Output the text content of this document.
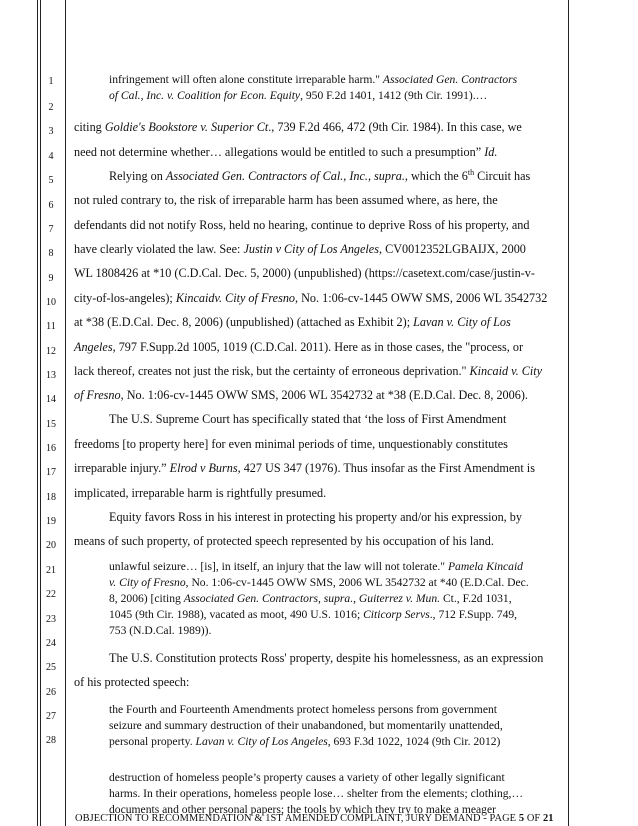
1
2
3
4
5
6
7
8
9
10
11
12
13
14
15
16
17
18
19
20
21
22
23
24
25
26
27
28
infringement will often alone constitute irreparable harm." Associated Gen. Contractors
of Cal., Inc. v. Coalition for Econ. Equity, 950 F.2d 1401, 1412 (9th Cir. 1991).…
citing Goldie's Bookstore v. Superior Ct., 739 F.2d 466, 472 (9th Cir. 1984). In this case, we
need not determine whether… allegations would be entitled to such a presumption” Id.
Relying on Associated Gen. Contractors of Cal., Inc., supra., which the 6th Circuit has
not ruled contrary to, the risk of irreparable harm has been assumed where, as here, the
defendants did not notify Ross, held no hearing, continue to deprive Ross of his property, and
have clearly violated the law. See: Justin v City of Los Angeles, CV0012352LGBAIJX, 2000
WL 1808426 at *10 (C.D.Cal. Dec. 5, 2000) (unpublished) (https://casetext.com/case/justin-v-
city-of-los-angeles); Kincaidv. City of Fresno, No. 1:06-cv-1445 OWW SMS, 2006 WL 3542732
at *38 (E.D.Cal. Dec. 8, 2006) (unpublished) (attached as Exhibit 2); Lavan v. City of Los
Angeles, 797 F.Supp.2d 1005, 1019 (C.D.Cal. 2011). Here as in those cases, the "process, or
lack thereof, creates not just the risk, but the certainty of erroneous deprivation." Kincaid v. City
of Fresno, No. 1:06-cv-1445 OWW SMS, 2006 WL 3542732 at *38 (E.D.Cal. Dec. 8, 2006).
The U.S. Supreme Court has specifically stated that ‘the loss of First Amendment
freedoms [to property here] for even minimal periods of time, unquestionably constitutes
irreparable injury.” Elrod v Burns, 427 US 347 (1976). Thus insofar as the First Amendment is
implicated, irreparable harm is rightfully presumed.
Equity favors Ross in his interest in protecting his property and/or his expression, by
means of such property, of protected speech represented by his occupation of his land.
unlawful seizure… [is], in itself, an injury that the law will not tolerate." Pamela Kincaid
v. City of Fresno, No. 1:06-cv-1445 OWW SMS, 2006 WL 3542732 at *40 (E.D.Cal. Dec.
8, 2006) [citing Associated Gen. Contractors, supra., Guiterrez v. Mun. Ct., F.2d 1031,
1045 (9th Cir. 1988), vacated as moot, 490 U.S. 1016; Citicorp Servs., 712 F.Supp. 749,
753 (N.D.Cal. 1989)).
The U.S. Constitution protects Ross' property, despite his homelessness, as an expression
of his protected speech:
the Fourth and Fourteenth Amendments protect homeless persons from government
seizure and summary destruction of their unabandoned, but momentarily unattended,
personal property. Lavan v. City of Los Angeles, 693 F.3d 1022, 1024 (9th Cir. 2012)
destruction of homeless people’s property causes a variety of other legally significant
harms. In their operations, homeless people lose… shelter from the elements; clothing,…
documents and other personal papers; the tools by which they try to make a meager
OBJECTION TO RECOMMENDATION & 1ST AMENDED COMPLAINT, JURY DEMAND - PAGE 5 OF 21
